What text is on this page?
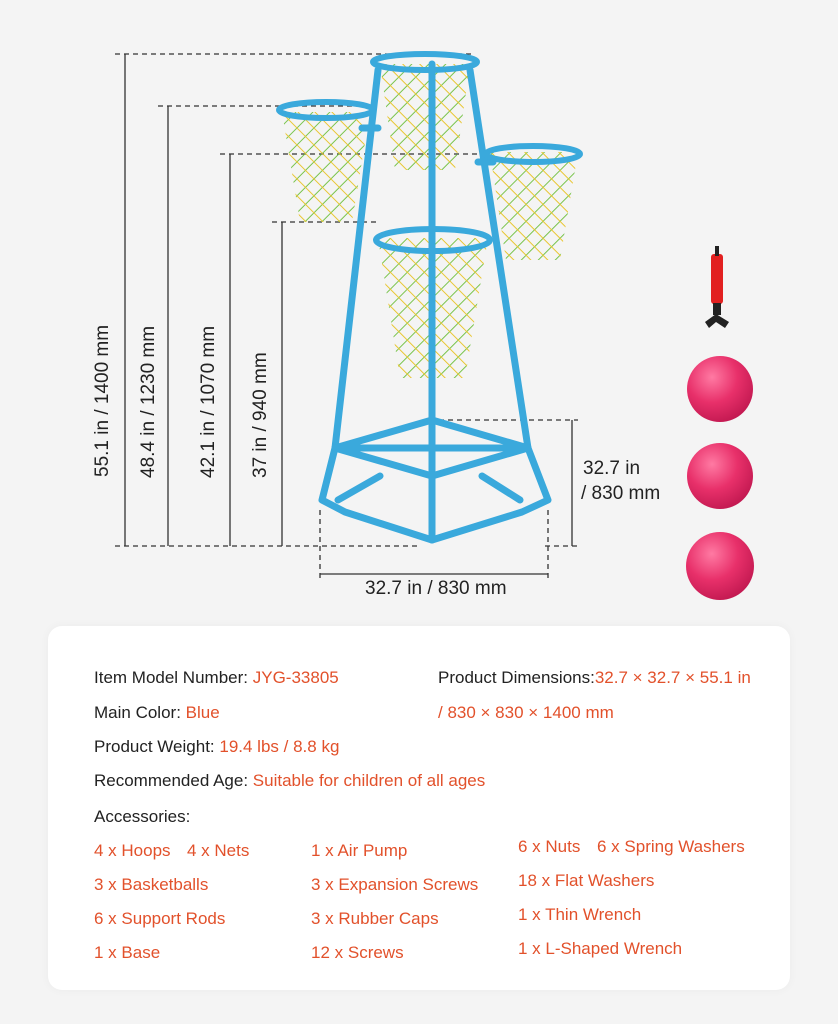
55.1 in / 1400 mm 48.4 in / 1230 mm 42.1 in / 1070 mm 37 in / 940 mm	32.7 in
/ 830 mm
32.7 in / 830 mm
Item Model Number: JYG-33805
Main Color: Blue
Product Weight: 19.4 lbs / 8.8 kg
Recommended Age: Suitable for children of all ages
Product Dimensions:32.7 × 32.7 × 55.1 in
/ 830 × 830 × 1400 mm
Accessories:
4 x Hoops 4 x Nets
3 x Basketballs
6 x Support Rods
1 x Base
1 x Air Pump
3 x Expansion Screws
3 x Rubber Caps
12 x Screws
6 x Nuts 6 x Spring Washers
18 x Flat Washers
1 x Thin Wrench
1 x L-Shaped Wrench
